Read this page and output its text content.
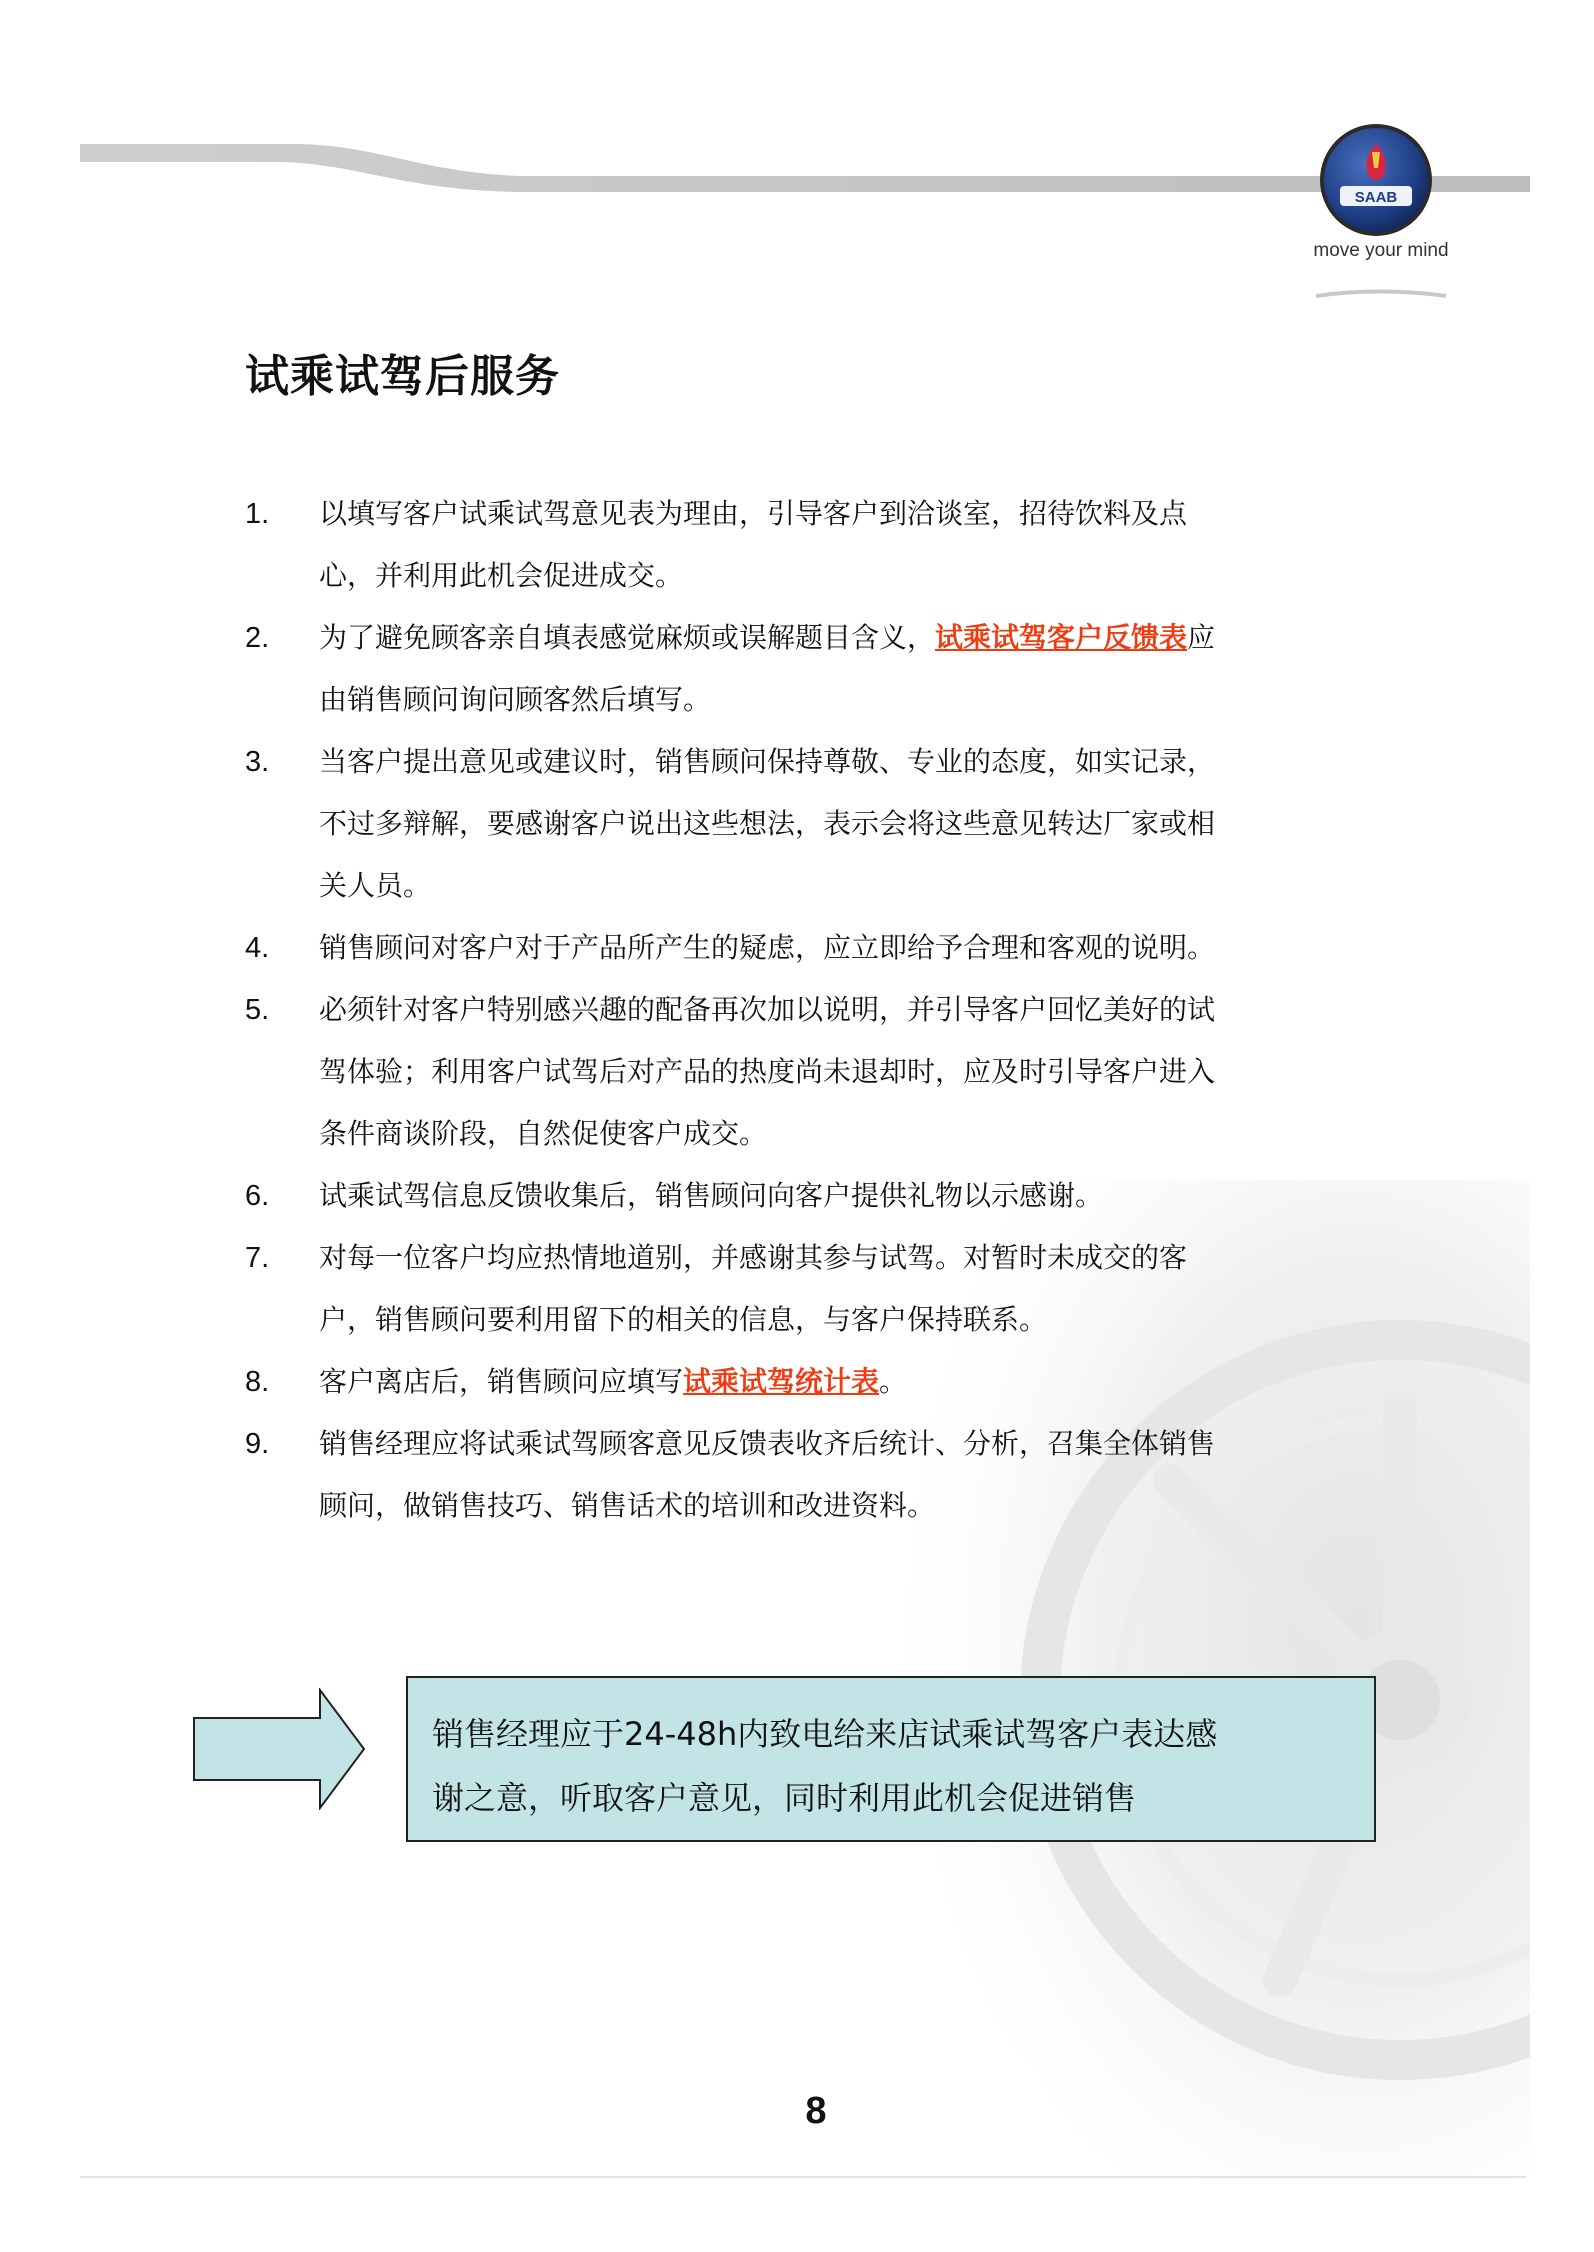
SAAB
move your mind
试乘试驾后服务
1.	以填写客户试乘试驾意见表为理由，引导客户到洽谈室，招待饮料及点
心，并利用此机会促进成交。
2.	为了避免顾客亲自填表感觉麻烦或误解题目含义，试乘试驾客户反馈表应
由销售顾问询问顾客然后填写。
3.	当客户提出意见或建议时，销售顾问保持尊敬、专业的态度，如实记录，
不过多辩解，要感谢客户说出这些想法，表示会将这些意见转达厂家或相
关人员。
4.	销售顾问对客户对于产品所产生的疑虑，应立即给予合理和客观的说明。
5.	必须针对客户特别感兴趣的配备再次加以说明，并引导客户回忆美好的试
驾体验；利用客户试驾后对产品的热度尚未退却时，应及时引导客户进入
条件商谈阶段，自然促使客户成交。
6.	试乘试驾信息反馈收集后，销售顾问向客户提供礼物以示感谢。
7.	对每一位客户均应热情地道别，并感谢其参与试驾。对暂时未成交的客
户，销售顾问要利用留下的相关的信息，与客户保持联系。
8.	客户离店后，销售顾问应填写试乘试驾统计表。
9.	销售经理应将试乘试驾顾客意见反馈表收齐后统计、分析，召集全体销售
顾问，做销售技巧、销售话术的培训和改进资料。
销售经理应于24-48h内致电给来店试乘试驾客户表达感
谢之意，听取客户意见，同时利用此机会促进销售
8
